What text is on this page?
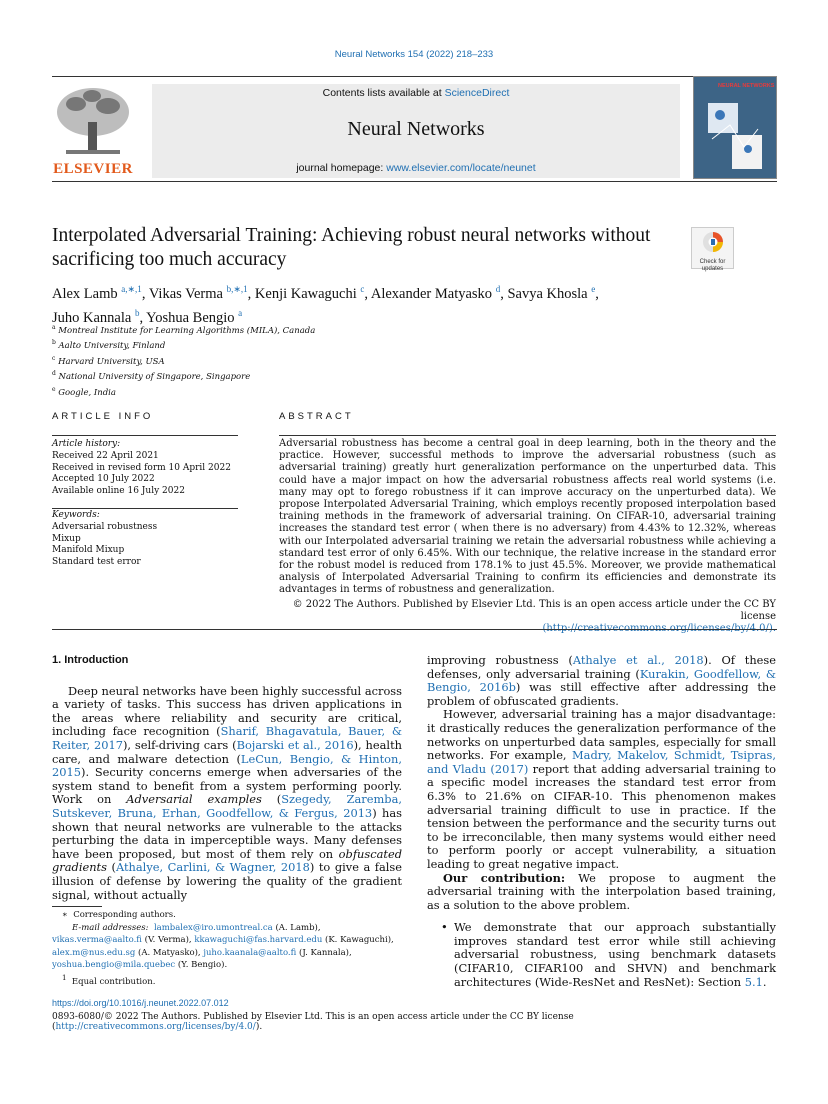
Neural Networks 154 (2022) 218–233
ELSEVIER
Contents lists available at ScienceDirect
Neural Networks
journal homepage: www.elsevier.com/locate/neunet
NEURAL NETWORKS
Interpolated Adversarial Training: Achieving robust neural networks without sacrificing too much accuracy	Check for updates
Alex Lamb $^{a,∗,1}$, Vikas Verma $^{b,∗,1}$, Kenji Kawaguchi $^c$, Alexander Matyasko $^d$, Savya Khosla $^e$,
Juho Kannala $^b$, Yoshua Bengio $^a$
$^a$ Montreal Institute for Learning Algorithms (MILA), Canada
$^b$ Aalto University, Finland
$^c$ Harvard University, USA
$^d$ National University of Singapore, Singapore
$^e$ Google, India
ARTICLE INFO	ABSTRACT
Article history:
Received 22 April 2021
Received in revised form 10 April 2022
Accepted 10 July 2022
Available online 16 July 2022
Keywords:
Adversarial robustness
Mixup
Manifold Mixup
Standard test error
Adversarial robustness has become a central goal in deep learning, both in the theory and the practice. However, successful methods to improve the adversarial robustness (such as adversarial training) greatly hurt generalization performance on the unperturbed data. This could have a major impact on how the adversarial robustness affects real world systems (i.e. many may opt to forego robustness if it can improve accuracy on the unperturbed data). We propose Interpolated Adversarial Training, which employs recently proposed interpolation based training methods in the framework of adversarial training. On CIFAR-10, adversarial training increases the standard test error ( when there is no adversary) from 4.43% to 12.32%, whereas with our Interpolated adversarial training we retain the adversarial robustness while achieving a standard test error of only 6.45%. With our technique, the relative increase in the standard error for the robust model is reduced from 178.1% to just 45.5%. Moreover, we provide mathematical analysis of Interpolated Adversarial Training to confirm its efficiencies and demonstrate its advantages in terms of robustness and generalization.
© 2022 The Authors. Published by Elsevier Ltd. This is an open access article under the CC BY license
(http://creativecommons.org/licenses/by/4.0/).
1. Introduction

Deep neural networks have been highly successful across a variety of tasks. This success has driven applications in the areas where reliability and security are critical, including face recognition (Sharif, Bhagavatula, Bauer, & Reiter, 2017), self-driving cars (Bojarski et al., 2016), health care, and malware detection (LeCun, Bengio, & Hinton, 2015). Security concerns emerge when adversaries of the system stand to benefit from a system performing poorly. Work on Adversarial examples (Szegedy, Zaremba, Sutskever, Bruna, Erhan, Goodfellow, & Fergus, 2013) has shown that neural networks are vulnerable to the attacks perturbing the data in imperceptible ways. Many defenses have been proposed, but most of them rely on obfuscated gradients (Athalye, Carlini, & Wagner, 2018) to give a false illusion of defense by lowering the quality of the gradient signal, without actually

improving robustness (Athalye et al., 2018). Of these defenses, only adversarial training (Kurakin, Goodfellow, & Bengio, 2016b) was still effective after addressing the problem of obfuscated gradients.

However, adversarial training has a major disadvantage: it drastically reduces the generalization performance of the networks on unperturbed data samples, especially for small networks. For example, Madry, Makelov, Schmidt, Tsipras, and Vladu (2017) report that adding adversarial training to a specific model increases the standard test error from 6.3% to 21.6% on CIFAR-10. This phenomenon makes adversarial training difficult to use in practice. If the tension between the performance and the security turns out to be irreconcilable, then many systems would either need to perform poorly or accept vulnerability, a situation leading to great negative impact.

Our contribution: We propose to augment the adversarial training with the interpolation based training, as a solution to the above problem.

• We demonstrate that our approach substantially improves standard test error while still achieving adversarial robustness, using benchmark datasets (CIFAR10, CIFAR100 and SHVN) and benchmark architectures (Wide-ResNet and ResNet): Section 5.1.
∗ Corresponding authors.
E-mail addresses: lambalex@iro.umontreal.ca (A. Lamb),
vikas.verma@aalto.fi (V. Verma), kkawaguchi@fas.harvard.edu (K. Kawaguchi),
alex.m@nus.edu.sg (A. Matyasko), juho.kaanala@aalto.fi (J. Kannala),
yoshua.bengio@mila.quebec (Y. Bengio).
$^1$ Equal contribution.
https://doi.org/10.1016/j.neunet.2022.07.012
0893-6080/© 2022 The Authors. Published by Elsevier Ltd. This is an open access article under the CC BY license (http://creativecommons.org/licenses/by/4.0/).
